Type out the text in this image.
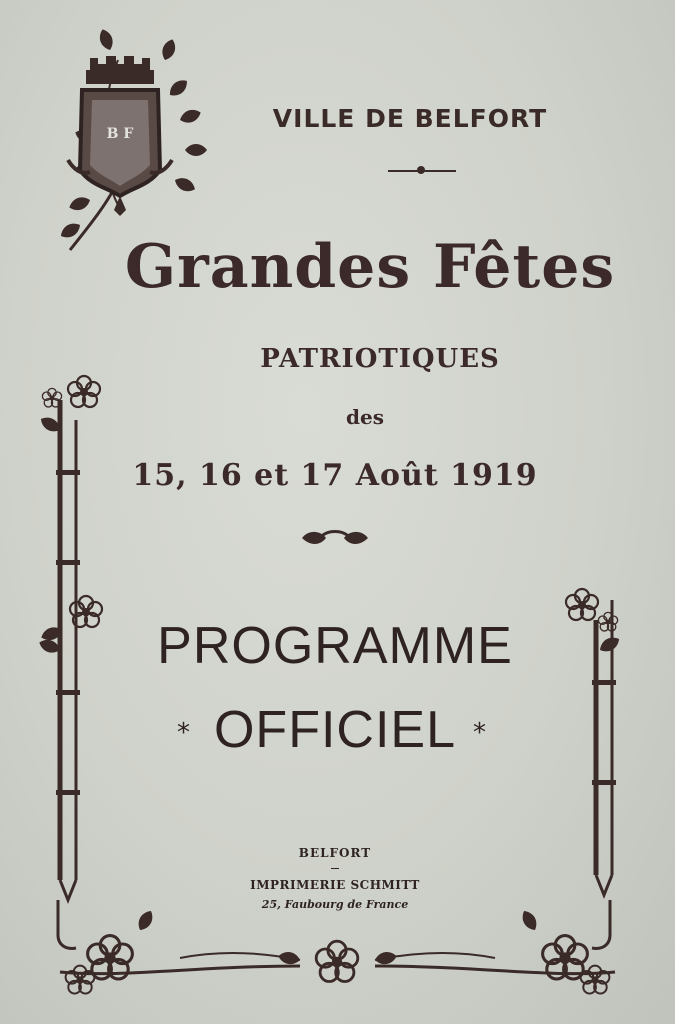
B F

VILLE DE BELFORT

Grandes Fêtes

PATRIOTIQUES

des

15, 16 et 17 Août 1919

PROGRAMME

* OFFICIEL *

BELFORT

IMPRIMERIE SCHMITT

25, Faubourg de France
